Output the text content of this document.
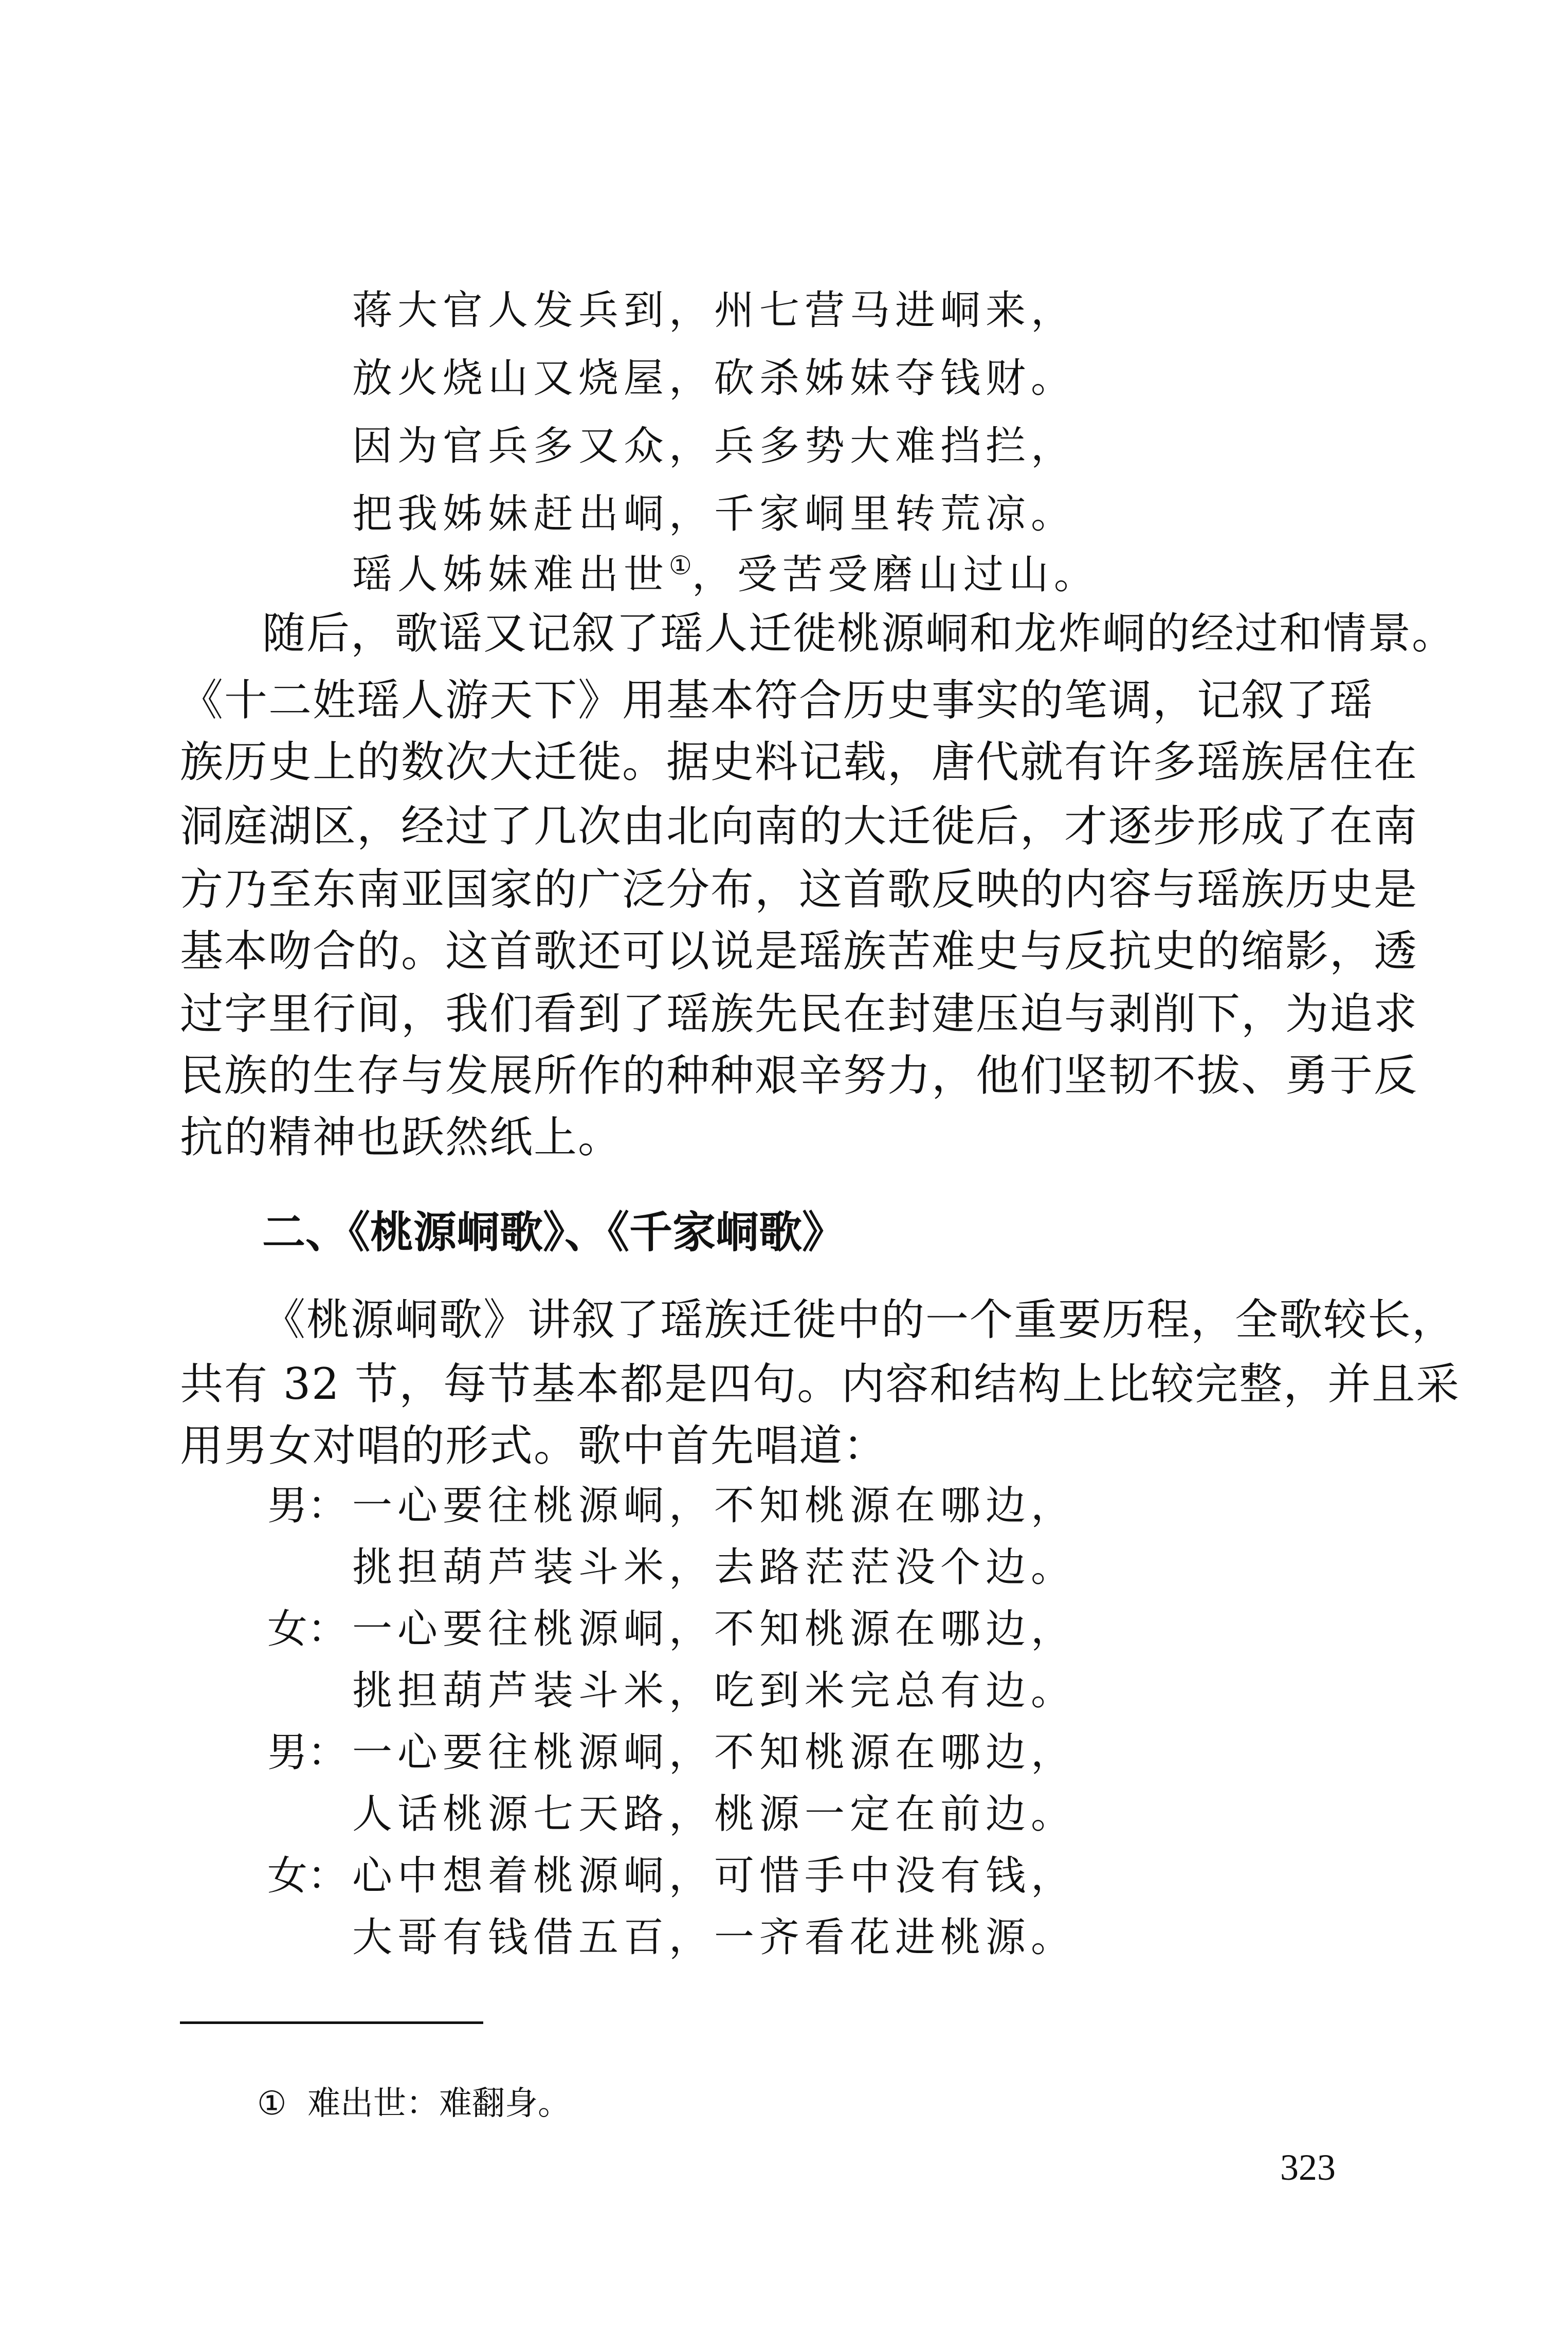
蒋大官人发兵到，州七营马进峒来，
放火烧山又烧屋，砍杀姊妹夺钱财。
因为官兵多又众，兵多势大难挡拦，
把我姊妹赶出峒，千家峒里转荒凉。
瑶人姊妹难出世①，受苦受磨山过山。
随后，歌谣又记叙了瑶人迁徙桃源峒和龙炸峒的经过和情景。
《十二姓瑶人游天下》用基本符合历史事实的笔调，记叙了瑶
族历史上的数次大迁徙。据史料记载，唐代就有许多瑶族居住在
洞庭湖区，经过了几次由北向南的大迁徙后，才逐步形成了在南
方乃至东南亚国家的广泛分布，这首歌反映的内容与瑶族历史是
基本吻合的。这首歌还可以说是瑶族苦难史与反抗史的缩影，透
过字里行间，我们看到了瑶族先民在封建压迫与剥削下，为追求
民族的生存与发展所作的种种艰辛努力，他们坚韧不拔、勇于反
抗的精神也跃然纸上。
二、《桃源峒歌》、《千家峒歌》
《桃源峒歌》讲叙了瑶族迁徙中的一个重要历程，全歌较长，
共有 32 节，每节基本都是四句。内容和结构上比较完整，并且采
用男女对唱的形式。歌中首先唱道：
男： 一心要往桃源峒，不知桃源在哪边，
挑担葫芦装斗米，去路茫茫没个边。
女： 一心要往桃源峒，不知桃源在哪边，
挑担葫芦装斗米，吃到米完总有边。
男： 一心要往桃源峒，不知桃源在哪边，
人话桃源七天路，桃源一定在前边。
女： 心中想着桃源峒，可惜手中没有钱，
大哥有钱借五百，一齐看花进桃源。
① 难出世：难翻身。
323
